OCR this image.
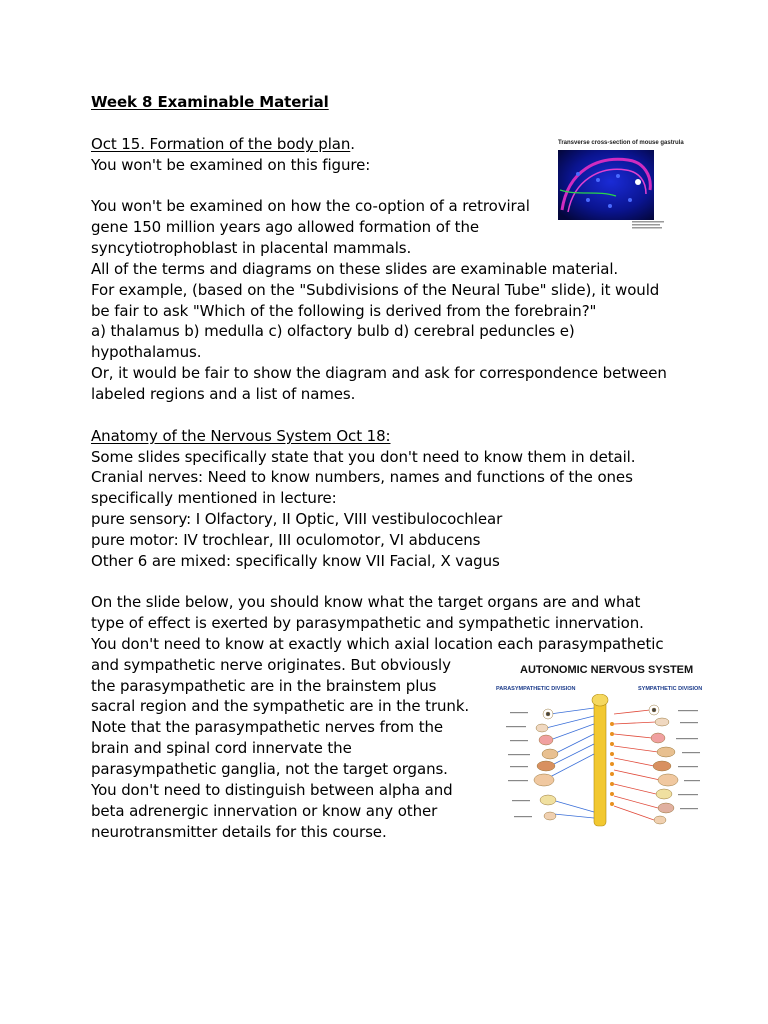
Week 8 Examinable Material
Oct 15. Formation of the body plan.
You won't be examined on this figure:
You won't be examined on how the co-option of a retroviral
gene 150 million years ago allowed formation of the
syncytiotrophoblast in placental mammals.
All of the terms and diagrams on these slides are examinable material.
For example, (based on the "Subdivisions of the Neural Tube" slide), it would
be fair to ask "Which of the following is derived from the forebrain?"
a) thalamus b) medulla c) olfactory bulb d) cerebral peduncles e)
hypothalamus.
Or, it would be fair to show the diagram and ask for correspondence between
labeled regions and a list of names.
Anatomy of the Nervous System Oct 18:
Some slides specifically state that you don't need to know them in detail.
Cranial nerves: Need to know numbers, names and functions of the ones
specifically mentioned in lecture:
pure sensory: I Olfactory, II Optic, VIII vestibulocochlear
pure motor: IV trochlear, III oculomotor, VI abducens
Other 6 are mixed: specifically know VII Facial, X vagus
On the slide below, you should know what the target organs are and what
type of effect is exerted by parasympathetic and sympathetic innervation.
You don't need to know at exactly which axial location each parasympathetic
and sympathetic nerve originates. But obviously
the parasympathetic are in the brainstem plus
sacral region and the sympathetic are in the trunk.
Note that the parasympathetic nerves from the
brain and spinal cord innervate the
parasympathetic ganglia, not the target organs.
You don't need to distinguish between alpha and
beta adrenergic innervation or know any other
neurotransmitter details for this course.
Transverse cross-section of mouse gastrula
AUTONOMIC NERVOUS SYSTEM
PARASYMPATHETIC DIVISION	SYMPATHETIC DIVISION
